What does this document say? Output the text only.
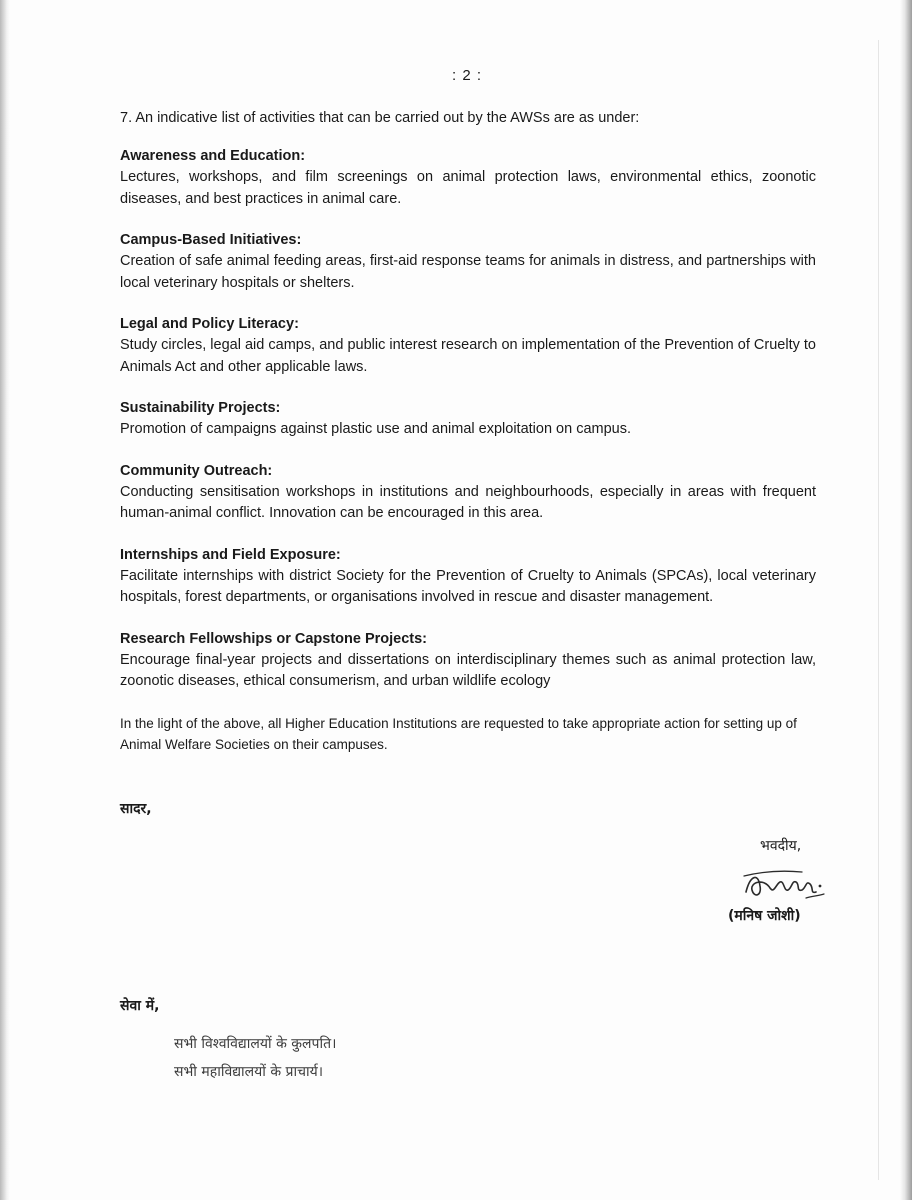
: 2 :

7. An indicative list of activities that can be carried out by the AWSs are as under:

Awareness and Education:

Lectures, workshops, and film screenings on animal protection laws, environmental ethics, zoonotic diseases, and best practices in animal care.

Campus-Based Initiatives:

Creation of safe animal feeding areas, first-aid response teams for animals in distress, and partnerships with local veterinary hospitals or shelters.

Legal and Policy Literacy:

Study circles, legal aid camps, and public interest research on implementation of the Prevention of Cruelty to Animals Act and other applicable laws.

Sustainability Projects:

Promotion of campaigns against plastic use and animal exploitation on campus.

Community Outreach:

Conducting sensitisation workshops in institutions and neighbourhoods, especially in areas with frequent human-animal conflict. Innovation can be encouraged in this area.

Internships and Field Exposure:

Facilitate internships with district Society for the Prevention of Cruelty to Animals (SPCAs), local veterinary hospitals, forest departments, or organisations involved in rescue and disaster management.

Research Fellowships or Capstone Projects:

Encourage final-year projects and dissertations on interdisciplinary themes such as animal protection law, zoonotic diseases, ethical consumerism, and urban wildlife ecology

In the light of the above, all Higher Education Institutions are requested to take appropriate action for setting up of Animal Welfare Societies on their campuses.

सादर,
भवदीय,
(मनिष जोशी)
सेवा में,
सभी विश्वविद्यालयों के कुलपति।
सभी महाविद्यालयों के प्राचार्य।
